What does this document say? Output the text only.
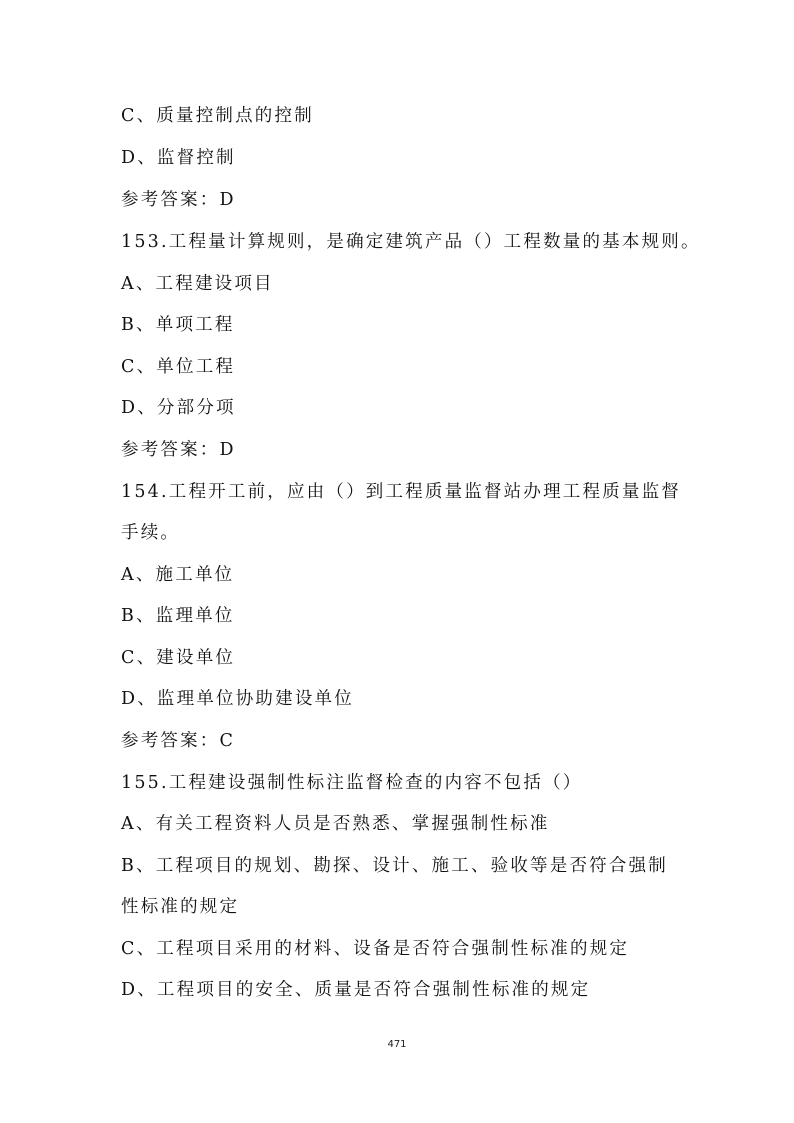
C、质量控制点的控制
D、监督控制
参考答案：D
153.工程量计算规则，是确定建筑产品（）工程数量的基本规则。
A、工程建设项目
B、单项工程
C、单位工程
D、分部分项
参考答案：D
154.工程开工前，应由（）到工程质量监督站办理工程质量监督
手续。
A、施工单位
B、监理单位
C、建设单位
D、监理单位协助建设单位
参考答案：C
155.工程建设强制性标注监督检查的内容不包括（）
A、有关工程资料人员是否熟悉、掌握强制性标准
B、工程项目的规划、勘探、设计、施工、验收等是否符合强制
性标准的规定
C、工程项目采用的材料、设备是否符合强制性标准的规定
D、工程项目的安全、质量是否符合强制性标准的规定
471
